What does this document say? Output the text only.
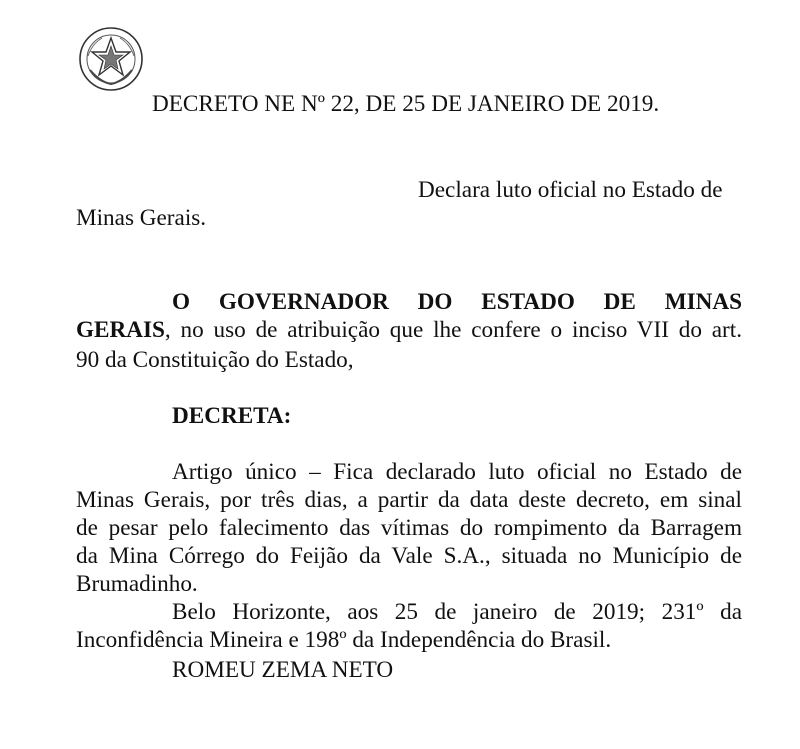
DECRETO NE Nº 22, DE 25 DE JANEIRO DE 2019.
Declara luto oficial no Estado de
Minas Gerais.
O GOVERNADOR DO ESTADO DE MINAS
GERAIS, no uso de atribuição que lhe confere o inciso VII do art.
90 da Constituição do Estado,
DECRETA:
Artigo único – Fica declarado luto oficial no Estado de
Minas Gerais, por três dias, a partir da data deste decreto, em sinal
de pesar pelo falecimento das vítimas do rompimento da Barragem
da Mina Córrego do Feijão da Vale S.A., situada no Município de
Brumadinho.
Belo Horizonte, aos 25 de janeiro de 2019; 231º da
Inconfidência Mineira e 198º da Independência do Brasil.
ROMEU ZEMA NETO
